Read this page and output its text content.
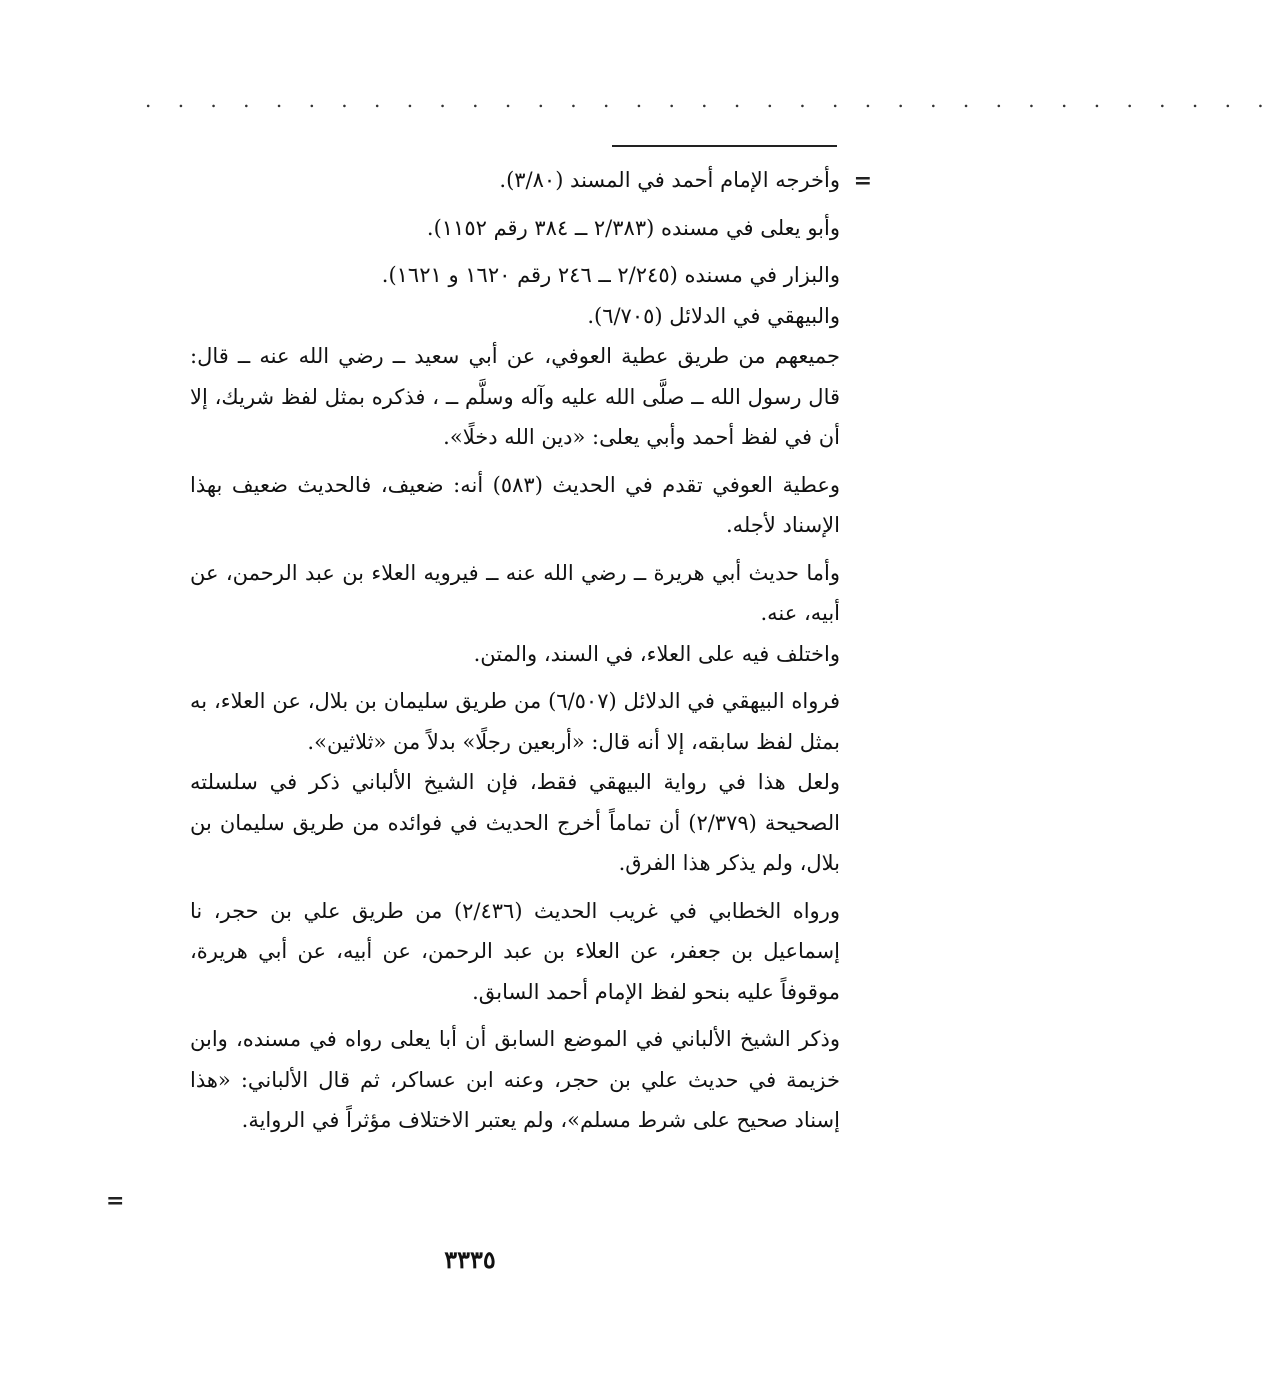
. . . . . . . . . . . . . . . . . . . . . . . . . . . . . . . . . . .
=

وأخرجه الإمام أحمد في المسند (٣/٨٠).

وأبو يعلى في مسنده (٢/٣٨٣ ــ ٣٨٤ رقم ١١٥٢).

والبزار في مسنده (٢/٢٤٥ ــ ٢٤٦ رقم ١٦٢٠ و ١٦٢١).

والبيهقي في الدلائل (٦/٧٠٥).

جميعهم من طريق عطية العوفي، عن أبي سعيد ــ رضي الله عنه ــ قال: قال رسول الله ــ صلَّى الله عليه وآله وسلَّم ــ ، فذكره بمثل لفظ شريك، إلا أن في لفظ أحمد وأبي يعلى: «دين الله دخلًا».

وعطية العوفي تقدم في الحديث (٥٨٣) أنه: ضعيف، فالحديث ضعيف بهذا الإسناد لأجله.

وأما حديث أبي هريرة ــ رضي الله عنه ــ فيرويه العلاء بن عبد الرحمن، عن أبيه، عنه.

واختلف فيه على العلاء، في السند، والمتن.

فرواه البيهقي في الدلائل (٦/٥٠٧) من طريق سليمان بن بلال، عن العلاء، به بمثل لفظ سابقه، إلا أنه قال: «أربعين رجلًا» بدلاً من «ثلاثين».

ولعل هذا في رواية البيهقي فقط، فإن الشيخ الألباني ذكر في سلسلته الصحيحة (٢/٣٧٩) أن تماماً أخرج الحديث في فوائده من طريق سليمان بن بلال، ولم يذكر هذا الفرق.

ورواه الخطابي في غريب الحديث (٢/٤٣٦) من طريق علي بن حجر، نا إسماعيل بن جعفر، عن العلاء بن عبد الرحمن، عن أبيه، عن أبي هريرة، موقوفاً عليه بنحو لفظ الإمام أحمد السابق.

وذكر الشيخ الألباني في الموضع السابق أن أبا يعلى رواه في مسنده، وابن خزيمة في حديث علي بن حجر، وعنه ابن عساكر، ثم قال الألباني: «هذا إسناد صحيح على شرط مسلم»، ولم يعتبر الاختلاف مؤثراً في الرواية.

=
٣٣٣٥
